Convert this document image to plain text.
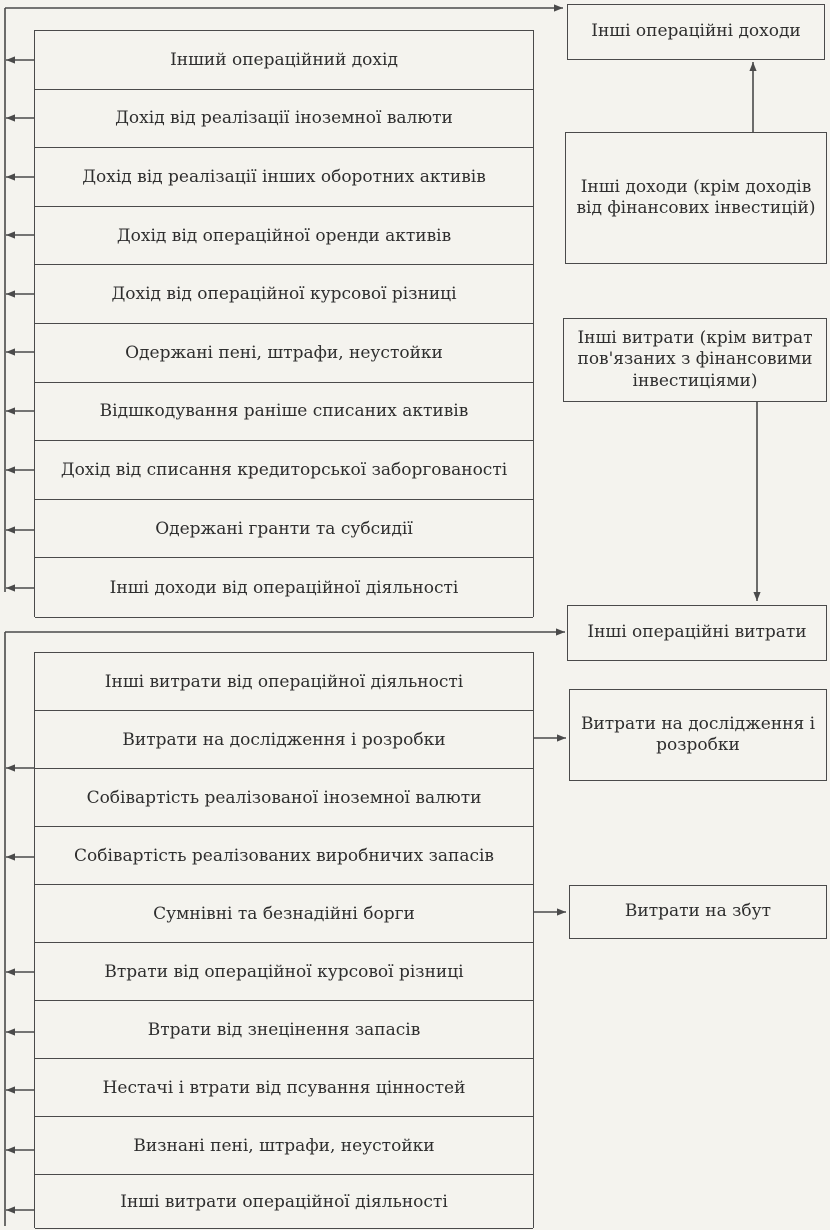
Інші операційні доходи
Інші доходи (крім доходів від фінансових інвестицій)
Інші витрати (крім витрат пов'язаних з фінансовими інвестиціями)
Інший операційний дохід
Дохід від реалізації іноземної валюти
Дохід від реалізації інших оборотних активів
Дохід від операційної оренди активів
Дохід від операційної курсової різниці
Одержані пені, штрафи, неустойки
Відшкодування раніше списаних активів
Дохід від списання кредиторської заборгованості
Одержані гранти та субсидії
Інші доходи від операційної діяльності
Інші операційні витрати
Інші витрати від операційної діяльності
Витрати на дослідження і розробки
Собівартість реалізованої іноземної валюти
Собівартість реалізованих виробничих запасів
Сумнівні та безнадійні борги
Втрати від операційної курсової різниці
Втрати від знецінення запасів
Нестачі і втрати від псування цінностей
Визнані пені, штрафи, неустойки
Інші витрати операційної діяльності
Витрати на дослідження і розробки
Витрати на збут
